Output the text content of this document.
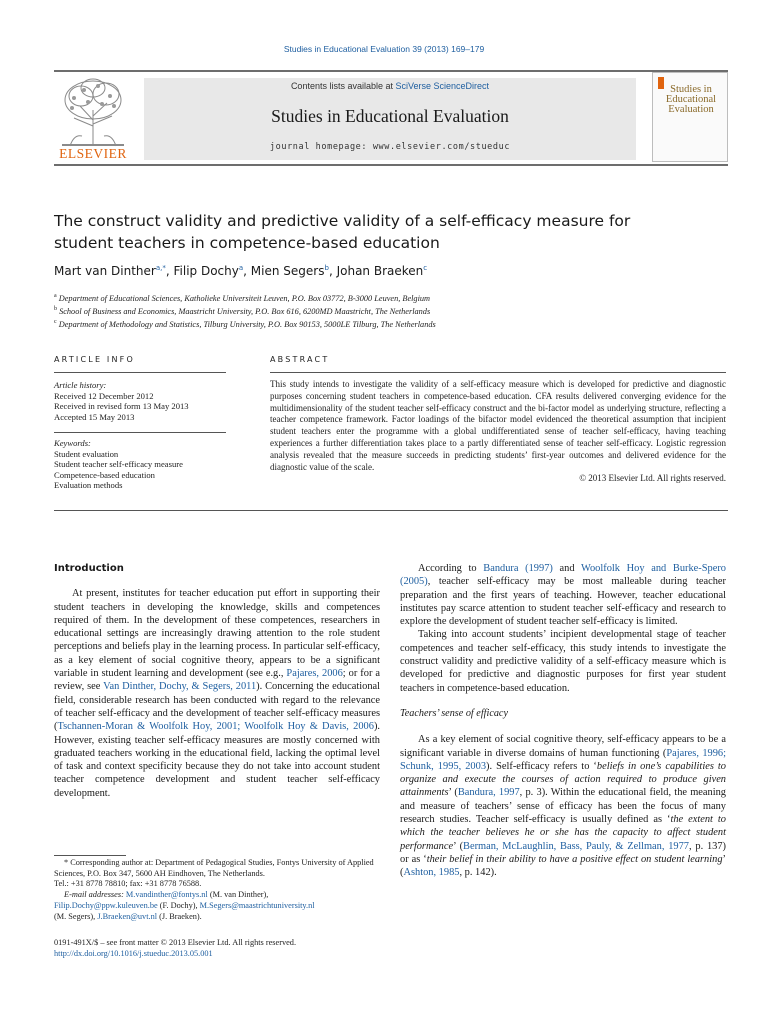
Studies in Educational Evaluation 39 (2013) 169–179
ELSEVIER
Contents lists available at SciVerse ScienceDirect
Studies in Educational Evaluation
journal homepage: www.elsevier.com/stueduc
Studies in
Educational
Evaluation
The construct validity and predictive validity of a self-efficacy measure for
student teachers in competence-based education
Mart van Dinther$^{a,*}$, Filip Dochy$^a$, Mien Segers$^b$, Johan Braeken$^c$
$^a$ Department of Educational Sciences, Katholieke Universiteit Leuven, P.O. Box 03772, B-3000 Leuven, Belgium
$^b$ School of Business and Economics, Maastricht University, P.O. Box 616, 6200MD Maastricht, The Netherlands
$^c$ Department of Methodology and Statistics, Tilburg University, P.O. Box 90153, 5000LE Tilburg, The Netherlands
ARTICLE INFO
Article history:
Received 12 December 2012
Received in revised form 13 May 2013
Accepted 15 May 2013
Keywords:
Student evaluation
Student teacher self-efficacy measure
Competence-based education
Evaluation methods
ABSTRACT
This study intends to investigate the validity of a self-efficacy measure which is developed for predictive and diagnostic purposes concerning student teachers in competence-based education. CFA results delivered converging evidence for the multidimensionality of the student teacher self-efficacy construct and the bi-factor model as underlying structure, reflecting a teacher competence framework. Factor loadings of the bifactor model evidenced the theoretical assumption that incipient student teachers enter the programme with a global undifferentiated sense of teacher self-efficacy, having teaching experiences a further differentiation takes place to a partly differentiated sense of teacher self-efficacy. Logistic regression analysis revealed that the measure succeeds in predicting students’ first-year outcomes and delivered evidence for the diagnostic value of the scale.
© 2013 Elsevier Ltd. All rights reserved.
Introduction

At present, institutes for teacher education put effort in supporting their student teachers in developing the knowledge, skills and competences required of them. In the development of these competences, researchers in educational settings are increasingly drawing attention to the role student perceptions and beliefs play in the learning process. In particular self-efficacy, as a key element of social cognitive theory, appears to be a significant variable in student learning and development (see e.g., Pajares, 2006; or for a review, see Van Dinther, Dochy, & Segers, 2011). Concerning the educational field, considerable research has been conducted with regard to the relevance of teacher self-efficacy and the development of teacher self-efficacy measures (Tschannen-Moran & Woolfolk Hoy, 2001; Woolfolk Hoy & Davis, 2006). However, existing teacher self-efficacy measures are mostly concerned with graduated teachers working in the educational field, lacking the optimal level of task and context specificity because they do not take into account student teacher competence development and student teacher self-efficacy development.

According to Bandura (1997) and Woolfolk Hoy and Burke-Spero (2005), teacher self-efficacy may be most malleable during teacher preparation and the first years of teaching. However, teacher educational institutes pay scarce attention to student teacher self-efficacy and research to explore the development of student teacher self-efficacy is limited.

Taking into account students’ incipient developmental stage of teacher competences and teacher self-efficacy, this study intends to investigate the construct validity and predictive validity of a self-efficacy measure which is developed for predictive and diagnostic purposes for first year student teachers in competence-based education.

Teachers’ sense of efficacy

As a key element of social cognitive theory, self-efficacy appears to be a significant variable in diverse domains of human functioning (Pajares, 1996; Schunk, 1995, 2003). Self-efficacy refers to ‘beliefs in one’s capabilities to organize and execute the courses of action required to produce given attainments’ (Bandura, 1997, p. 3). Within the educational field, the meaning and measure of teachers’ sense of efficacy has been the focus of many research studies. Teacher self-efficacy is usually defined as ‘the extent to which the teacher believes he or she has the capacity to affect student performance’ (Berman, McLaughlin, Bass, Pauly, & Zellman, 1977, p. 137) or as ‘their belief in their ability to have a positive effect on student learning’ (Ashton, 1985, p. 142).

* Corresponding author at: Department of Pedagogical Studies, Fontys University of Applied Sciences, P.O. Box 347, 5600 AH Eindhoven, The Netherlands.

Tel.: +31 8778 78810; fax: +31 8778 76588.

E-mail addresses: M.vandinther@fontys.nl (M. van Dinther),

Filip.Dochy@ppw.kuleuven.be (F. Dochy), M.Segers@maastrichtuniversity.nl
(M. Segers), J.Braeken@uvt.nl (J. Braeken).
0191-491X/$ – see front matter © 2013 Elsevier Ltd. All rights reserved.
http://dx.doi.org/10.1016/j.stueduc.2013.05.001
